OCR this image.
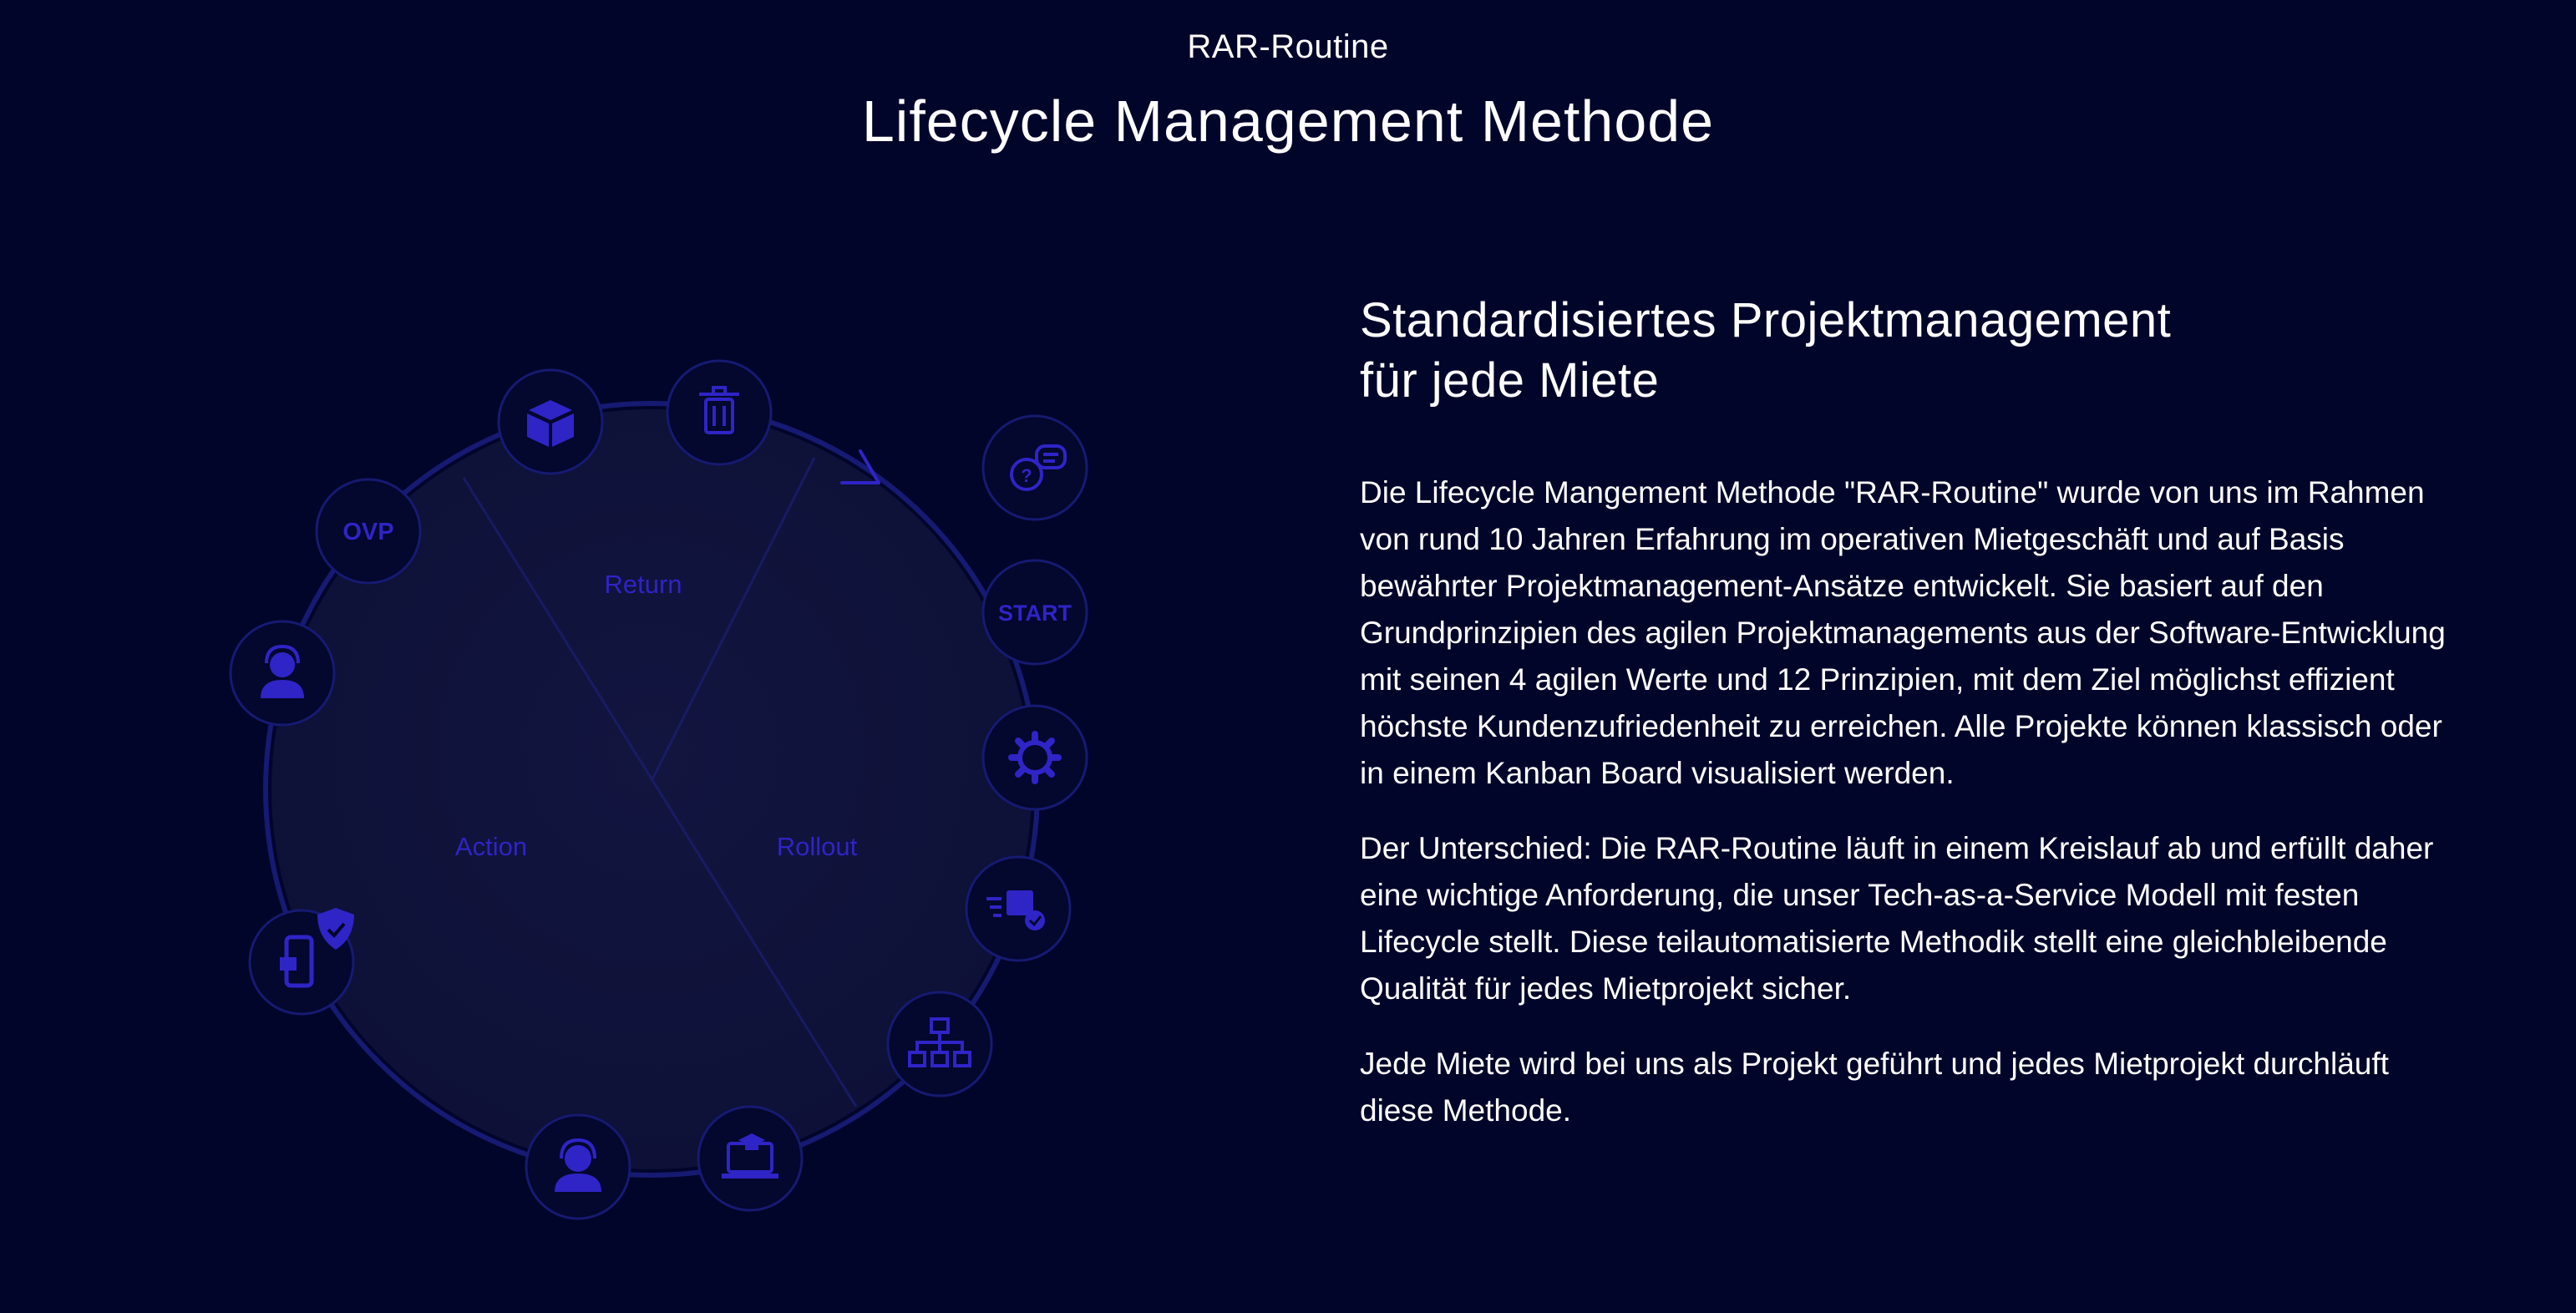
RAR-Routine
Lifecycle Management Methode
Return
Action	Rollout
?
START
OVP
Standardisiertes Projektmanagement
für jede Miete

Die Lifecycle Mangement Methode "RAR-Routine" wurde von uns im Rahmen von rund 10 Jahren Erfahrung im operativen Mietgeschäft und auf Basis bewährter Projektmanagement-Ansätze entwickelt. Sie basiert auf den Grundprinzipien des agilen Projektmanagements aus der Software-Entwicklung mit seinen 4 agilen Werte und 12 Prinzipien, mit dem Ziel möglichst effizient höchste Kundenzufriedenheit zu erreichen. Alle Projekte können klassisch oder in einem Kanban Board visualisiert werden.

Der Unterschied: Die RAR-Routine läuft in einem Kreislauf ab und erfüllt daher eine wichtige Anforderung, die unser Tech-as-a-Service Modell mit festen Lifecycle stellt. Diese teilautomatisierte Methodik stellt eine gleichbleibende Qualität für jedes Mietprojekt sicher.

Jede Miete wird bei uns als Projekt geführt und jedes Mietprojekt durchläuft diese Methode.
